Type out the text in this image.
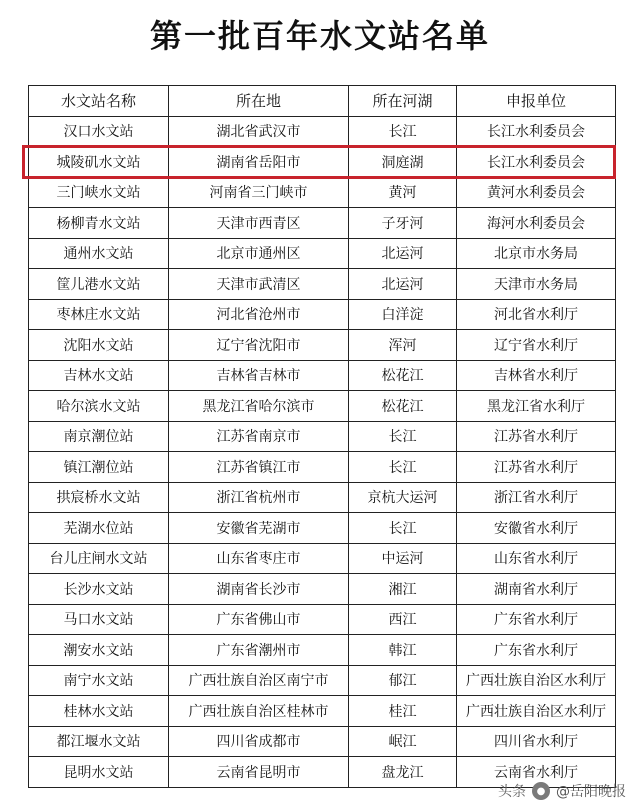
第一批百年水文站名单
水文站名称	所在地	所在河湖	申报单位
汉口水文站	湖北省武汉市	长江	长江水利委员会
城陵矶水文站	湖南省岳阳市	洞庭湖	长江水利委员会
三门峡水文站	河南省三门峡市	黄河	黄河水利委员会
杨柳青水文站	天津市西青区	子牙河	海河水利委员会
通州水文站	北京市通州区	北运河	北京市水务局
筐儿港水文站	天津市武清区	北运河	天津市水务局
枣林庄水文站	河北省沧州市	白洋淀	河北省水利厅
沈阳水文站	辽宁省沈阳市	浑河	辽宁省水利厅
吉林水文站	吉林省吉林市	松花江	吉林省水利厅
哈尔滨水文站	黑龙江省哈尔滨市	松花江	黑龙江省水利厅
南京潮位站	江苏省南京市	长江	江苏省水利厅
镇江潮位站	江苏省镇江市	长江	江苏省水利厅
拱宸桥水文站	浙江省杭州市	京杭大运河	浙江省水利厅
芜湖水位站	安徽省芜湖市	长江	安徽省水利厅
台儿庄闸水文站	山东省枣庄市	中运河	山东省水利厅
长沙水文站	湖南省长沙市	湘江	湖南省水利厅
马口水文站	广东省佛山市	西江	广东省水利厅
潮安水文站	广东省潮州市	韩江	广东省水利厅
南宁水文站	广西壮族自治区南宁市	郁江	广西壮族自治区水利厅
桂林水文站	广西壮族自治区桂林市	桂江	广西壮族自治区水利厅
都江堰水文站	四川省成都市	岷江	四川省水利厅
昆明水文站	云南省昆明市	盘龙江	云南省水利厅
头条	● @岳阳晚报
